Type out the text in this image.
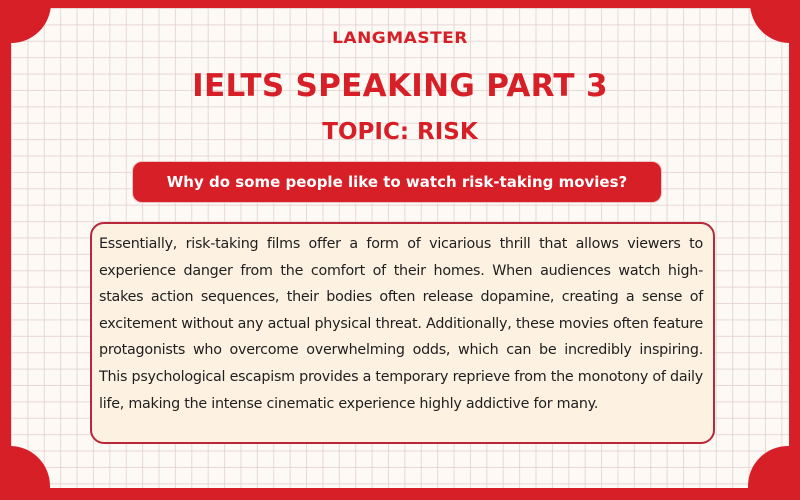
LANGMASTER
IELTS SPEAKING PART 3
TOPIC: RISK
Why do some people like to watch risk-taking movies?

Essentially, risk-taking films offer a form of vicarious thrill that allows viewers to experience danger from the comfort of their homes. When audiences watch high-stakes action sequences, their bodies often release dopamine, creating a sense of excitement without any actual physical threat. Additionally, these movies often feature protagonists who overcome overwhelming odds, which can be incredibly inspiring. This psychological escapism provides a temporary reprieve from the monotony of daily life, making the intense cinematic experience highly addictive for many.
